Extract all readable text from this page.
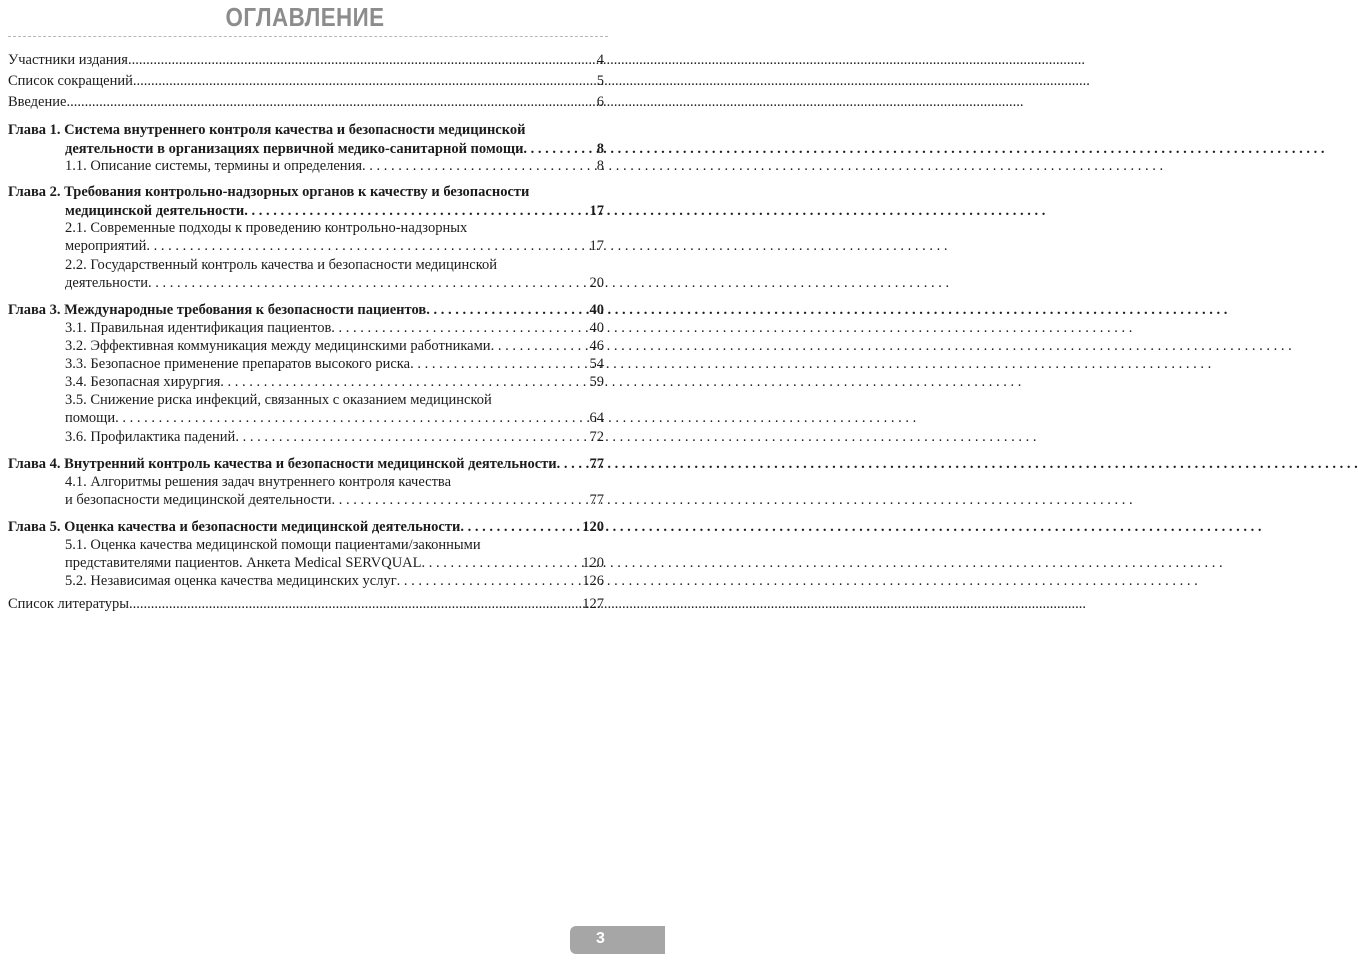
ОГЛАВЛЕНИЕ
Участники издания .....	4
Список сокращений .....	5
Введение .....	6
Глава 1. Система внутреннего контроля качества и безопасности медицинской
деятельности в организациях первичной медико-санитарной помощи . . .	8
1.1. Описание системы, термины и определения . . .	8
Глава 2. Требования контрольно-надзорных органов к качеству и безопасности
медицинской деятельности . . .	17
2.1. Современные подходы к проведению контрольно-надзорных
мероприятий . . .	17
2.2. Государственный контроль качества и безопасности медицинской
деятельности . . .	20
Глава 3. Международные требования к безопасности пациентов . . .	40
3.1. Правильная идентификация пациентов . . .	40
3.2. Эффективная коммуникация между медицинскими работниками . . .	46
3.3. Безопасное применение препаратов высокого риска . . .	54
3.4. Безопасная хирургия . . .	59
3.5. Снижение риска инфекций, связанных с оказанием медицинской
помощи . . .	64
3.6. Профилактика падений . . .	72
Глава 4. Внутренний контроль качества и безопасности медицинской деятельности . . . 77
4.1. Алгоритмы решения задач внутреннего контроля качества
и безопасности медицинской деятельности . . .	77
Глава 5. Оценка качества и безопасности медицинской деятельности . . .	120
5.1. Оценка качества медицинской помощи пациентами/законными
представителями пациентов. Анкета Medical SERVQUAL . . .	120
5.2. Независимая оценка качества медицинских услуг . . .	126
Список литературы .....	127
3
